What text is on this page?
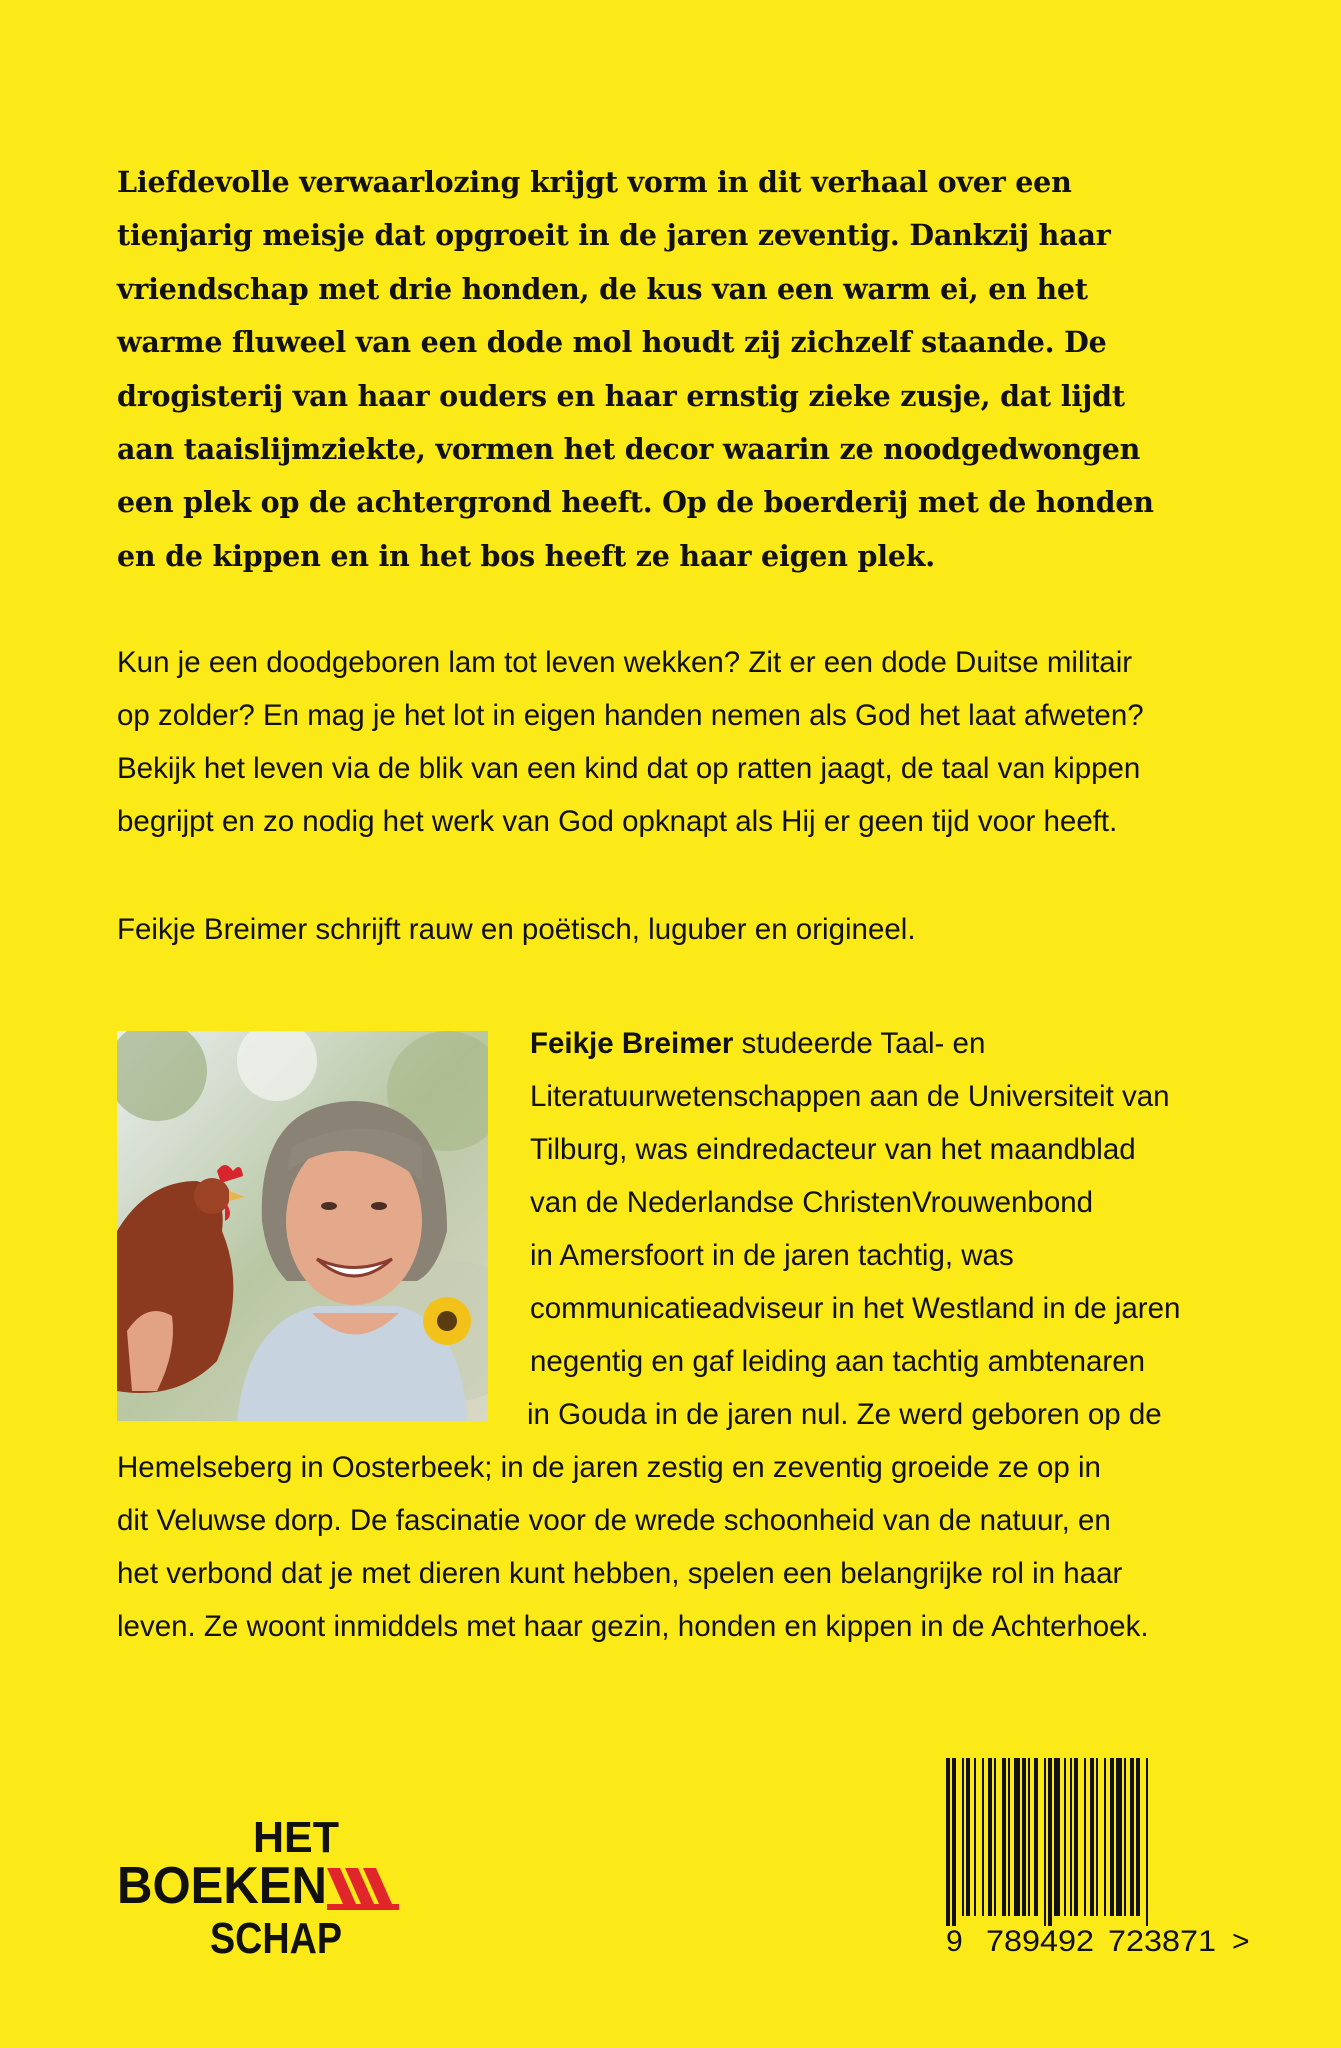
Liefdevolle verwaarlozing krijgt vorm in dit verhaal over een
tienjarig meisje dat opgroeit in de jaren zeventig. Dankzij haar
vriendschap met drie honden, de kus van een warm ei, en het
warme fluweel van een dode mol houdt zij zichzelf staande. De
drogisterij van haar ouders en haar ernstig zieke zusje, dat lijdt
aan taaislijmziekte, vormen het decor waarin ze noodgedwongen
een plek op de achtergrond heeft. Op de boerderij met de honden
en de kippen en in het bos heeft ze haar eigen plek.
Kun je een doodgeboren lam tot leven wekken? Zit er een dode Duitse militair
op zolder? En mag je het lot in eigen handen nemen als God het laat afweten?
Bekijk het leven via de blik van een kind dat op ratten jaagt, de taal van kippen
begrijpt en zo nodig het werk van God opknapt als Hij er geen tijd voor heeft.
Feikje Breimer schrijft rauw en poëtisch, luguber en origineel.
Feikje Breimer studeerde Taal- en
Literatuurwetenschappen aan de Universiteit van
Tilburg, was eindredacteur van het maandblad
van de Nederlandse ChristenVrouwenbond
in Amersfoort in de jaren tachtig, was
communicatieadviseur in het Westland in de jaren
negentig en gaf leiding aan tachtig ambtenaren
in Gouda in de jaren nul. Ze werd geboren op de
Hemelseberg in Oosterbeek; in de jaren zestig en zeventig groeide ze op in
dit Veluwse dorp. De fascinatie voor de wrede schoonheid van de natuur, en
het verbond dat je met dieren kunt hebben, spelen een belangrijke rol in haar
leven. Ze woont inmiddels met haar gezin, honden en kippen in de Achterhoek.
HET
BOEKEN
SCHAP	9 789492 723871 >
